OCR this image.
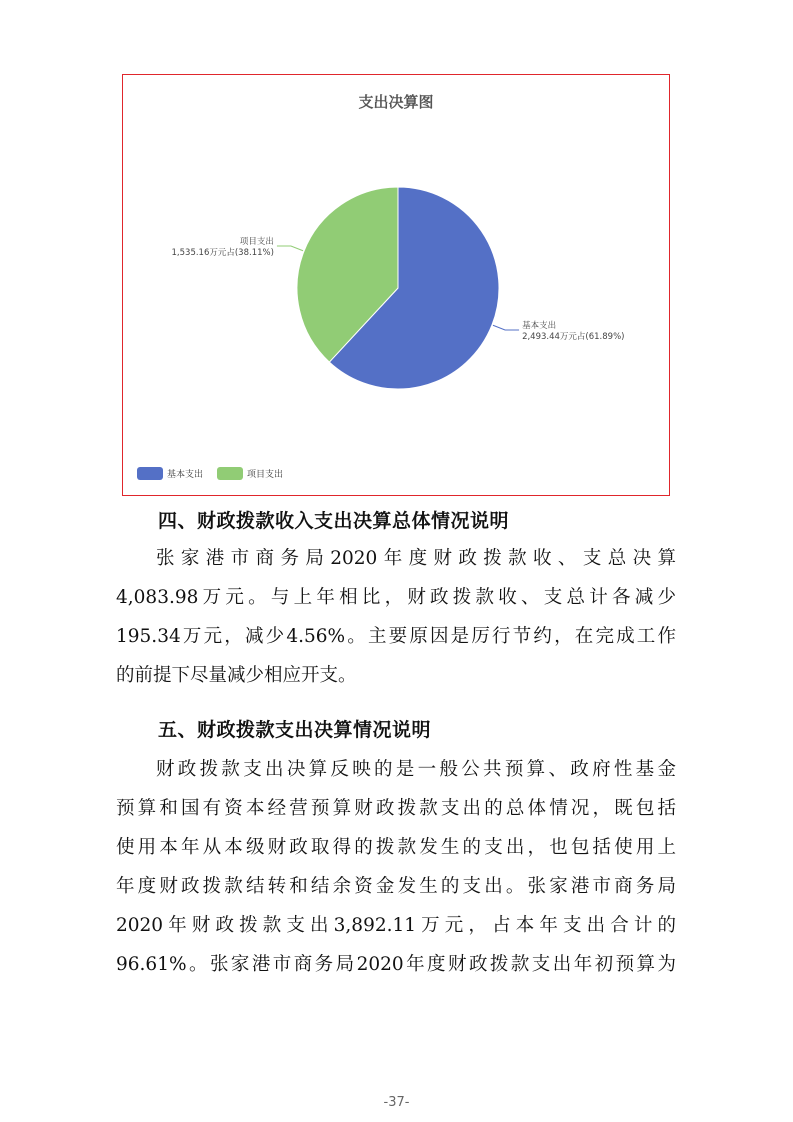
支出决算图
基本支出
2,493.44万元占(61.89%)
项目支出
1,535.16万元占(38.11%)
基本支出	项目支出
四、财政拨款收入支出决算总体情况说明
张家港市商务局2020年度财政拨款收、支总决算
4,083.98万元。与上年相比，财政拨款收、支总计各减少
195.34万元，减少4.56%。主要原因是厉行节约，在完成工作
的前提下尽量减少相应开支。
五、财政拨款支出决算情况说明
财政拨款支出决算反映的是一般公共预算、政府性基金
预算和国有资本经营预算财政拨款支出的总体情况，既包括
使用本年从本级财政取得的拨款发生的支出，也包括使用上
年度财政拨款结转和结余资金发生的支出。张家港市商务局
2020年财政拨款支出3,892.11万元，占本年支出合计的
96.61%。张家港市商务局2020年度财政拨款支出年初预算为
-37-
